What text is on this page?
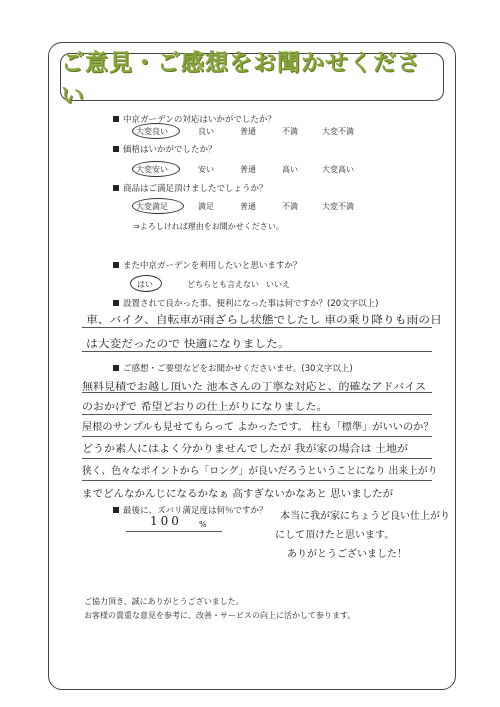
ご意見・ご感想をお聞かせください
中京ガーデンの対応はいかがでしたか？
大変良い	良い	普通	不満	大変不満
価格はいかがでしたか？
大変安い	安い	普通	高い	大変高い
商品はご満足頂けましたでしょうか？
大変満足	満足	普通	不満	大変不満
⇒よろしければ理由をお聞かせください。
また中京ガーデンを利用したいと思いますか？
はい	どちらとも言えない いいえ
設置されて良かった事、便利になった事は何ですか？(20文字以上)
車、バイク、自転車が雨ざらし状態でしたし 車の乗り降りも雨の日
は大変だったので 快適になりました。
ご感想・ご要望などをお聞かせくださいませ。(30文字以上)
無料見積でお越し頂いた 池本さんの丁寧な対応と、的確なアドバイス
のおかげで 希望どおりの仕上がりになりました。
屋根のサンプルも見せてもらって よかったです。 柱も「標準」がいいのか？
どうか素人にはよく分かりませんでしたが 我が家の場合は 土地が
狭く、色々なポイントから「ロング」が良いだろうということになり 出来上がり
までどんなかんじになるかなぁ 高すぎないかなあと 思いましたが
本当に我が家にちょうど良い仕上がり
にして頂けたと思います。
ありがとうございました！
最後に、ズバリ満足度は何％ですか？
100 %
ご協力頂き、誠にありがとうございました。
お客様の貴重な意見を参考に、改善・サービスの向上に活かして参ります。
